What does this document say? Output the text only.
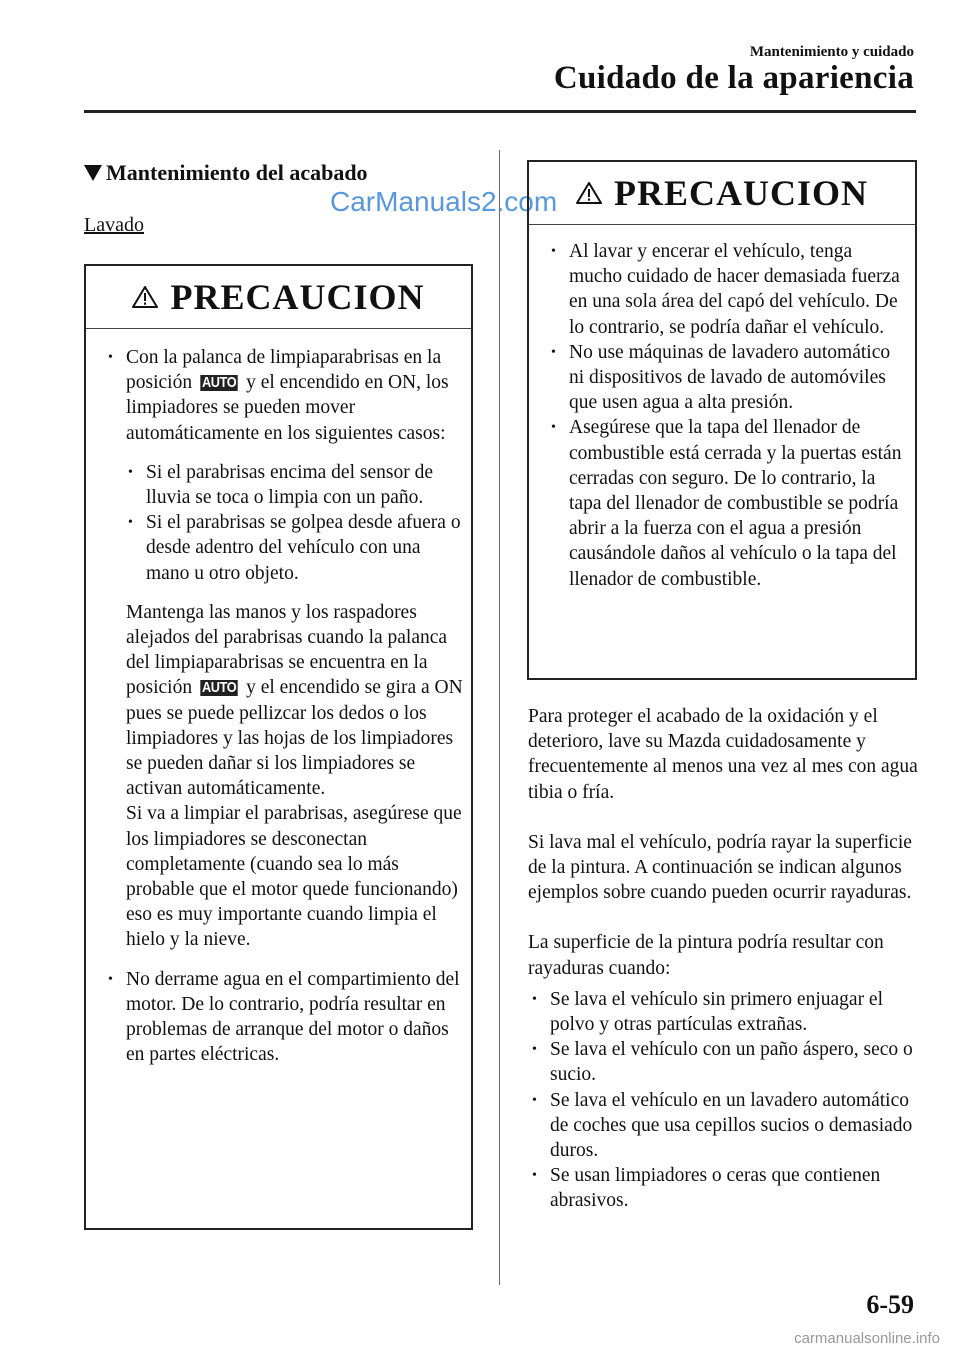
Mantenimiento y cuidado
Cuidado de la apariencia
Mantenimiento del acabado
Lavado
CarManuals2.com
PRECAUCION
• Con la palanca de limpiaparabrisas en la posición AUTO y el encendido en ON, los limpiadores se pueden mover automáticamente en los siguientes casos:
• Si el parabrisas encima del sensor de lluvia se toca o limpia con un paño.
• Si el parabrisas se golpea desde afuera o desde adentro del vehículo con una mano u otro objeto.
Mantenga las manos y los raspadores alejados del parabrisas cuando la palanca del limpiaparabrisas se encuentra en la posición AUTO y el encendido se gira a ON pues se puede pellizcar los dedos o los limpiadores y las hojas de los limpiadores se pueden dañar si los limpiadores se activan automáticamente.
Si va a limpiar el parabrisas, asegúrese que los limpiadores se desconectan completamente (cuando sea lo más probable que el motor quede funcionando) eso es muy importante cuando limpia el hielo y la nieve.
• No derrame agua en el compartimiento del motor. De lo contrario, podría resultar en problemas de arranque del motor o daños en partes eléctricas.
PRECAUCION
• Al lavar y encerar el vehículo, tenga mucho cuidado de hacer demasiada fuerza en una sola área del capó del vehículo. De lo contrario, se podría dañar el vehículo.
• No use máquinas de lavadero automático ni dispositivos de lavado de automóviles que usen agua a alta presión.
• Asegúrese que la tapa del llenador de combustible está cerrada y la puertas están cerradas con seguro. De lo contrario, la tapa del llenador de combustible se podría abrir a la fuerza con el agua a presión causándole daños al vehículo o la tapa del llenador de combustible.
Para proteger el acabado de la oxidación y el deterioro, lave su Mazda cuidadosamente y frecuentemente al menos una vez al mes con agua tibia o fría.
Si lava mal el vehículo, podría rayar la superficie de la pintura. A continuación se indican algunos ejemplos sobre cuando pueden ocurrir rayaduras.
La superficie de la pintura podría resultar con rayaduras cuando:
• Se lava el vehículo sin primero enjuagar el polvo y otras partículas extrañas.
• Se lava el vehículo con un paño áspero, seco o sucio.
• Se lava el vehículo en un lavadero automático de coches que usa cepillos sucios o demasiado duros.
• Se usan limpiadores o ceras que contienen abrasivos.
6-59
carmanualsonline.info
